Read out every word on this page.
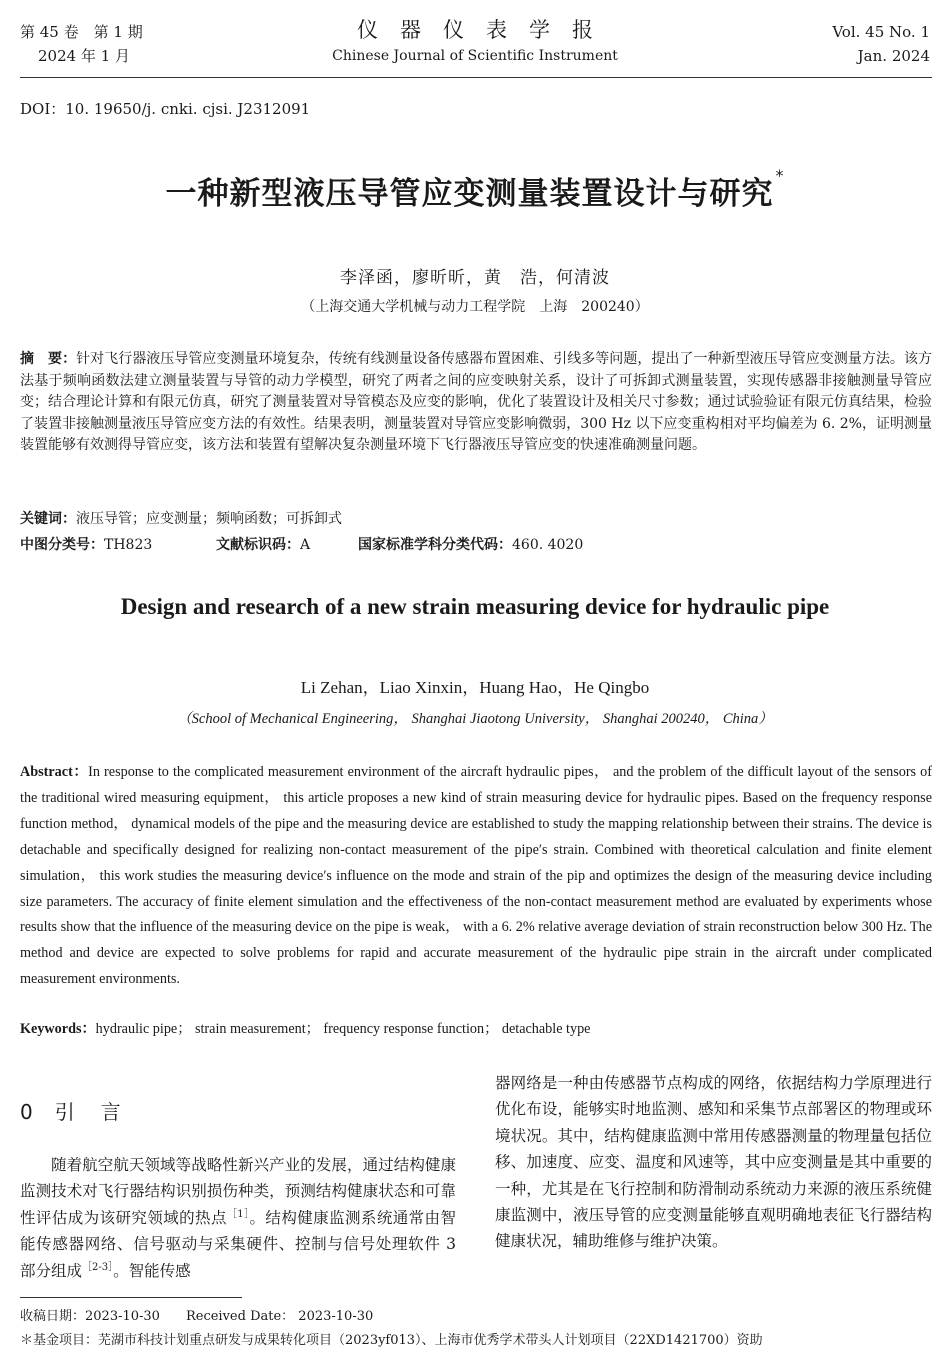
第 45 卷　第 1 期
2024 年 1 月
仪器仪表学报
Chinese Journal of Scientific Instrument
Vol. 45 No. 1
Jan. 2024
DOI：10. 19650/j. cnki. cjsi. J2312091
一种新型液压导管应变测量装置设计与研究*
李泽函，廖昕昕，黄　浩，何清波
（上海交通大学机械与动力工程学院　上海　200240）
摘　要：针对飞行器液压导管应变测量环境复杂，传统有线测量设备传感器布置困难、引线多等问题，提出了一种新型液压导管应变测量方法。该方法基于频响函数法建立测量装置与导管的动力学模型，研究了两者之间的应变映射关系，设计了可拆卸式测量装置，实现传感器非接触测量导管应变；结合理论计算和有限元仿真，研究了测量装置对导管模态及应变的影响，优化了装置设计及相关尺寸参数；通过试验验证有限元仿真结果，检验了装置非接触测量液压导管应变方法的有效性。结果表明，测量装置对导管应变影响微弱，300 Hz 以下应变重构相对平均偏差为 6. 2%，证明测量装置能够有效测得导管应变，该方法和装置有望解决复杂测量环境下飞行器液压导管应变的快速准确测量问题。
关键词：液压导管；应变测量；频响函数；可拆卸式
中图分类号：TH823	文献标识码：A	国家标准学科分类代码：460. 4020
Design and research of a new strain measuring device for hydraulic pipe
Li Zehan，Liao Xinxin，Huang Hao，He Qingbo
（School of Mechanical Engineering， Shanghai Jiaotong University， Shanghai 200240， China）
Abstract：In response to the complicated measurement environment of the aircraft hydraulic pipes， and the problem of the difficult layout of the sensors of the traditional wired measuring equipment， this article proposes a new kind of strain measuring device for hydraulic pipes. Based on the frequency response function method， dynamical models of the pipe and the measuring device are established to study the mapping relationship between their strains. The device is detachable and specifically designed for realizing non-contact measurement of the pipe′s strain. Combined with theoretical calculation and finite element simulation， this work studies the measuring device′s influence on the mode and strain of the pip and optimizes the design of the measuring device including size parameters. The accuracy of finite element simulation and the effectiveness of the non-contact measurement method are evaluated by experiments whose results show that the influence of the measuring device on the pipe is weak， with a 6. 2% relative average deviation of strain reconstruction below 300 Hz. The method and device are expected to solve problems for rapid and accurate measurement of the hydraulic pipe strain in the aircraft under complicated measurement environments.
Keywords：hydraulic pipe； strain measurement； frequency response function； detachable type
0 引言
随着航空航天领域等战略性新兴产业的发展，通过结构健康监测技术对飞行器结构识别损伤种类，预测结构健康状态和可靠性评估成为该研究领域的热点$^{[1]}$。结构健康监测系统通常由智能传感器网络、信号驱动与采集硬件、控制与信号处理软件 3 部分组成$^{[2-3]}$。智能传感
器网络是一种由传感器节点构成的网络，依据结构力学原理进行优化布设，能够实时地监测、感知和采集节点部署区的物理或环境状况。其中，结构健康监测中常用传感器测量的物理量包括位移、加速度、应变、温度和风速等，其中应变测量是其中重要的一种，尤其是在飞行控制和防滑制动系统动力来源的液压系统健康监测中，液压导管的应变测量能够直观明确地表征飞行器结构健康状况，辅助维修与维护决策。
收稿日期：2023-10-30 Received Date： 2023-10-30
＊基金项目：芜湖市科技计划重点研发与成果转化项目（2023yf013）、上海市优秀学术带头人计划项目（22XD1421700）资助
